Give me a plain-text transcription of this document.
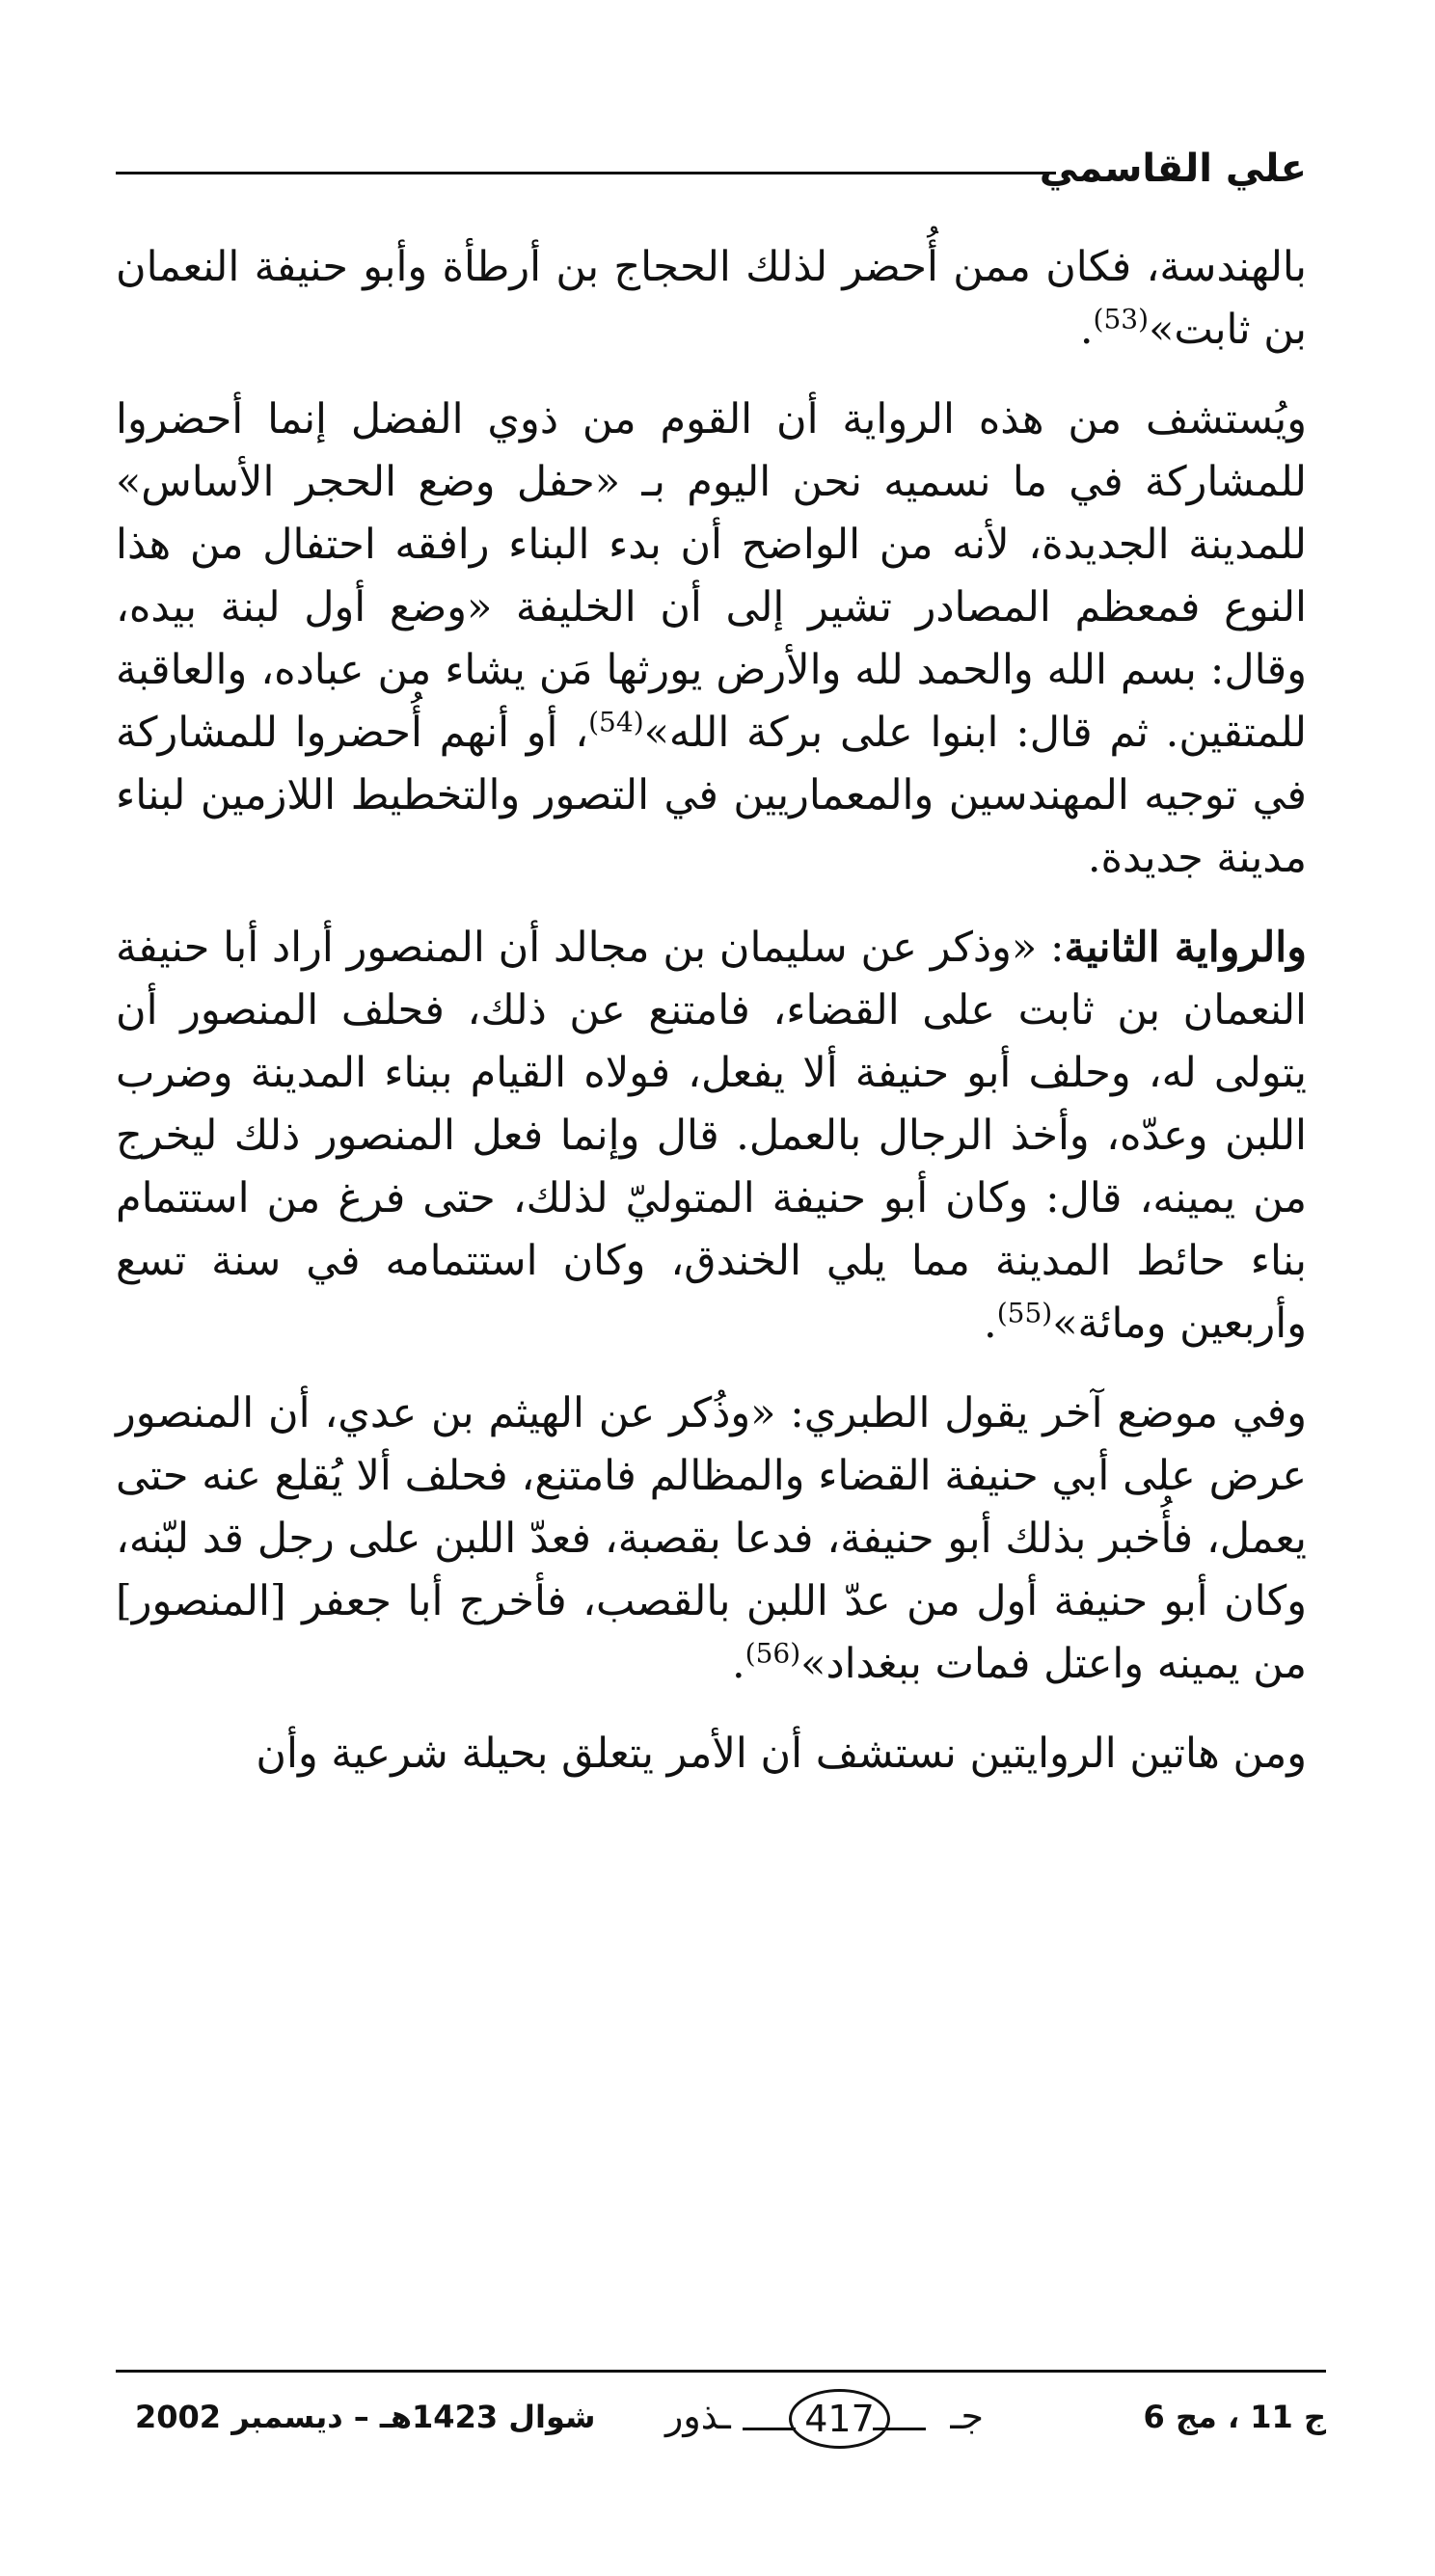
علي القاسمي

بالهندسة، فكان ممن أُحضر لذلك الحجاج بن أرطأة وأبو حنيفة النعمان بن ثابت»$^{(53)}$.

ويُستشف من هذه الرواية أن القوم من ذوي الفضل إنما أحضروا للمشاركة في ما نسميه نحن اليوم بـ «حفل وضع الحجر الأساس» للمدينة الجديدة، لأنه من الواضح أن بدء البناء رافقه احتفال من هذا النوع فمعظم المصادر تشير إلى أن الخليفة «وضع أول لبنة بيده، وقال: بسم الله والحمد لله والأرض يورثها مَن يشاء من عباده، والعاقبة للمتقين. ثم قال: ابنوا على بركة الله»$^{(54)}$، أو أنهم أُحضروا للمشاركة في توجيه المهندسين والمعماريين في التصور والتخطيط اللازمين لبناء مدينة جديدة.

والرواية الثانية: «وذكر عن سليمان بن مجالد أن المنصور أراد أبا حنيفة النعمان بن ثابت على القضاء، فامتنع عن ذلك، فحلف المنصور أن يتولى له، وحلف أبو حنيفة ألا يفعل، فولاه القيام ببناء المدينة وضرب اللبن وعدّه، وأخذ الرجال بالعمل. قال وإنما فعل المنصور ذلك ليخرج من يمينه، قال: وكان أبو حنيفة المتوليّ لذلك، حتى فرغ من استتمام بناء حائط المدينة مما يلي الخندق، وكان استتمامه في سنة تسع وأربعين ومائة»$^{(55)}$.

وفي موضع آخر يقول الطبري: «وذُكر عن الهيثم بن عدي، أن المنصور عرض على أبي حنيفة القضاء والمظالم فامتنع، فحلف ألا يُقلع عنه حتى يعمل، فأُخبر بذلك أبو حنيفة، فدعا بقصبة، فعدّ اللبن على رجل قد لبّنه، وكان أبو حنيفة أول من عدّ اللبن بالقصب، فأخرج أبا جعفر [المنصور] من يمينه واعتل فمات ببغداد»$^{(56)}$.

ومن هاتين الروايتين نستشف أن الأمر يتعلق بحيلة شرعية وأن

شوال 1423هـ – ديسمبر 2002 ـذور	417	جـ	ج 11 ، مج 6
